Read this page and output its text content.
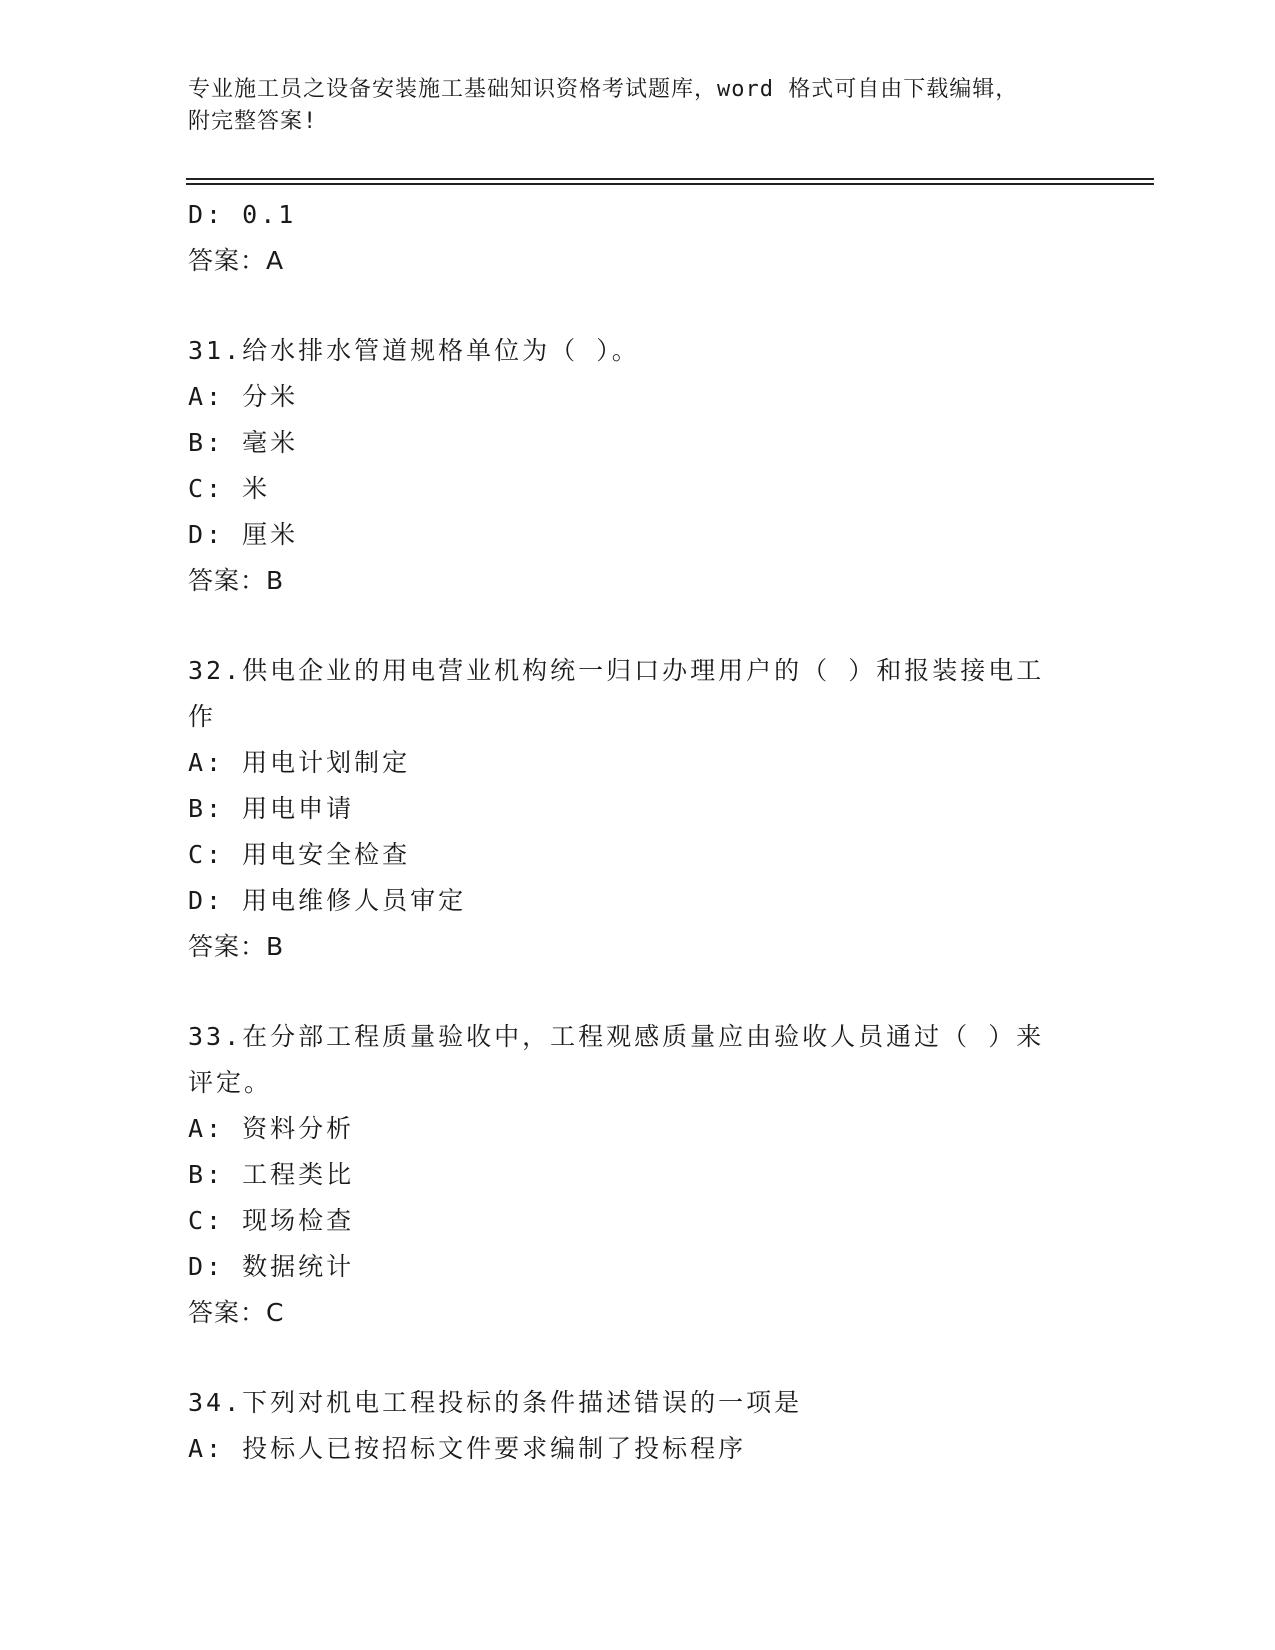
专业施工员之设备安装施工基础知识资格考试题库，word 格式可自由下载编辑，
附完整答案!
D: 0.1
答案：A
31.给水排水管道规格单位为（ ）。
A: 分米
B: 毫米
C: 米
D: 厘米
答案：B
32.供电企业的用电营业机构统一归口办理用户的（ ）和报装接电工
作
A: 用电计划制定
B: 用电申请
C: 用电安全检查
D: 用电维修人员审定
答案：B
33.在分部工程质量验收中，工程观感质量应由验收人员通过（ ）来
评定。
A: 资料分析
B: 工程类比
C: 现场检查
D: 数据统计
答案：C
34.下列对机电工程投标的条件描述错误的一项是
A: 投标人已按招标文件要求编制了投标程序
